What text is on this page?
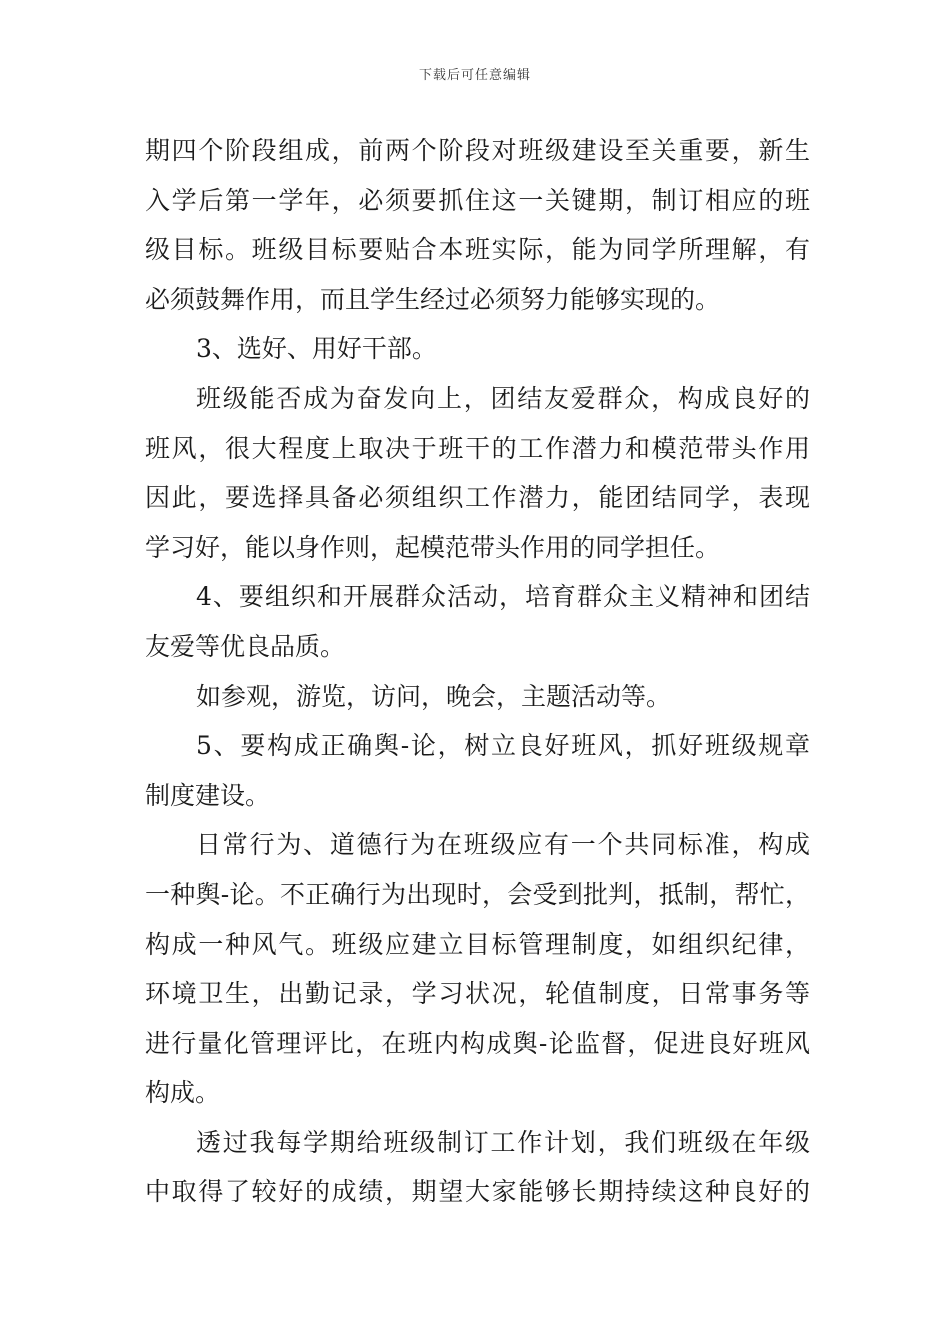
下载后可任意编辑
期四个阶段组成，前两个阶段对班级建设至关重要，新生
入学后第一学年，必须要抓住这一关键期，制订相应的班
级目标。班级目标要贴合本班实际，能为同学所理解，有
必须鼓舞作用，而且学生经过必须努力能够实现的。
3、选好、用好干部。
班级能否成为奋发向上，团结友爱群众，构成良好的
班风，很大程度上取决于班干的工作潜力和模范带头作用
因此，要选择具备必须组织工作潜力，能团结同学，表现
学习好，能以身作则，起模范带头作用的同学担任。
4、要组织和开展群众活动，培育群众主义精神和团结
友爱等优良品质。
如参观，游览，访问，晚会，主题活动等。
5、要构成正确舆-论，树立良好班风，抓好班级规章
制度建设。
日常行为、道德行为在班级应有一个共同标准，构成
一种舆-论。不正确行为出现时，会受到批判，抵制，帮忙，
构成一种风气。班级应建立目标管理制度，如组织纪律，
环境卫生，出勤记录，学习状况，轮值制度，日常事务等
进行量化管理评比，在班内构成舆-论监督，促进良好班风
构成。
透过我每学期给班级制订工作计划，我们班级在年级
中取得了较好的成绩，期望大家能够长期持续这种良好的
